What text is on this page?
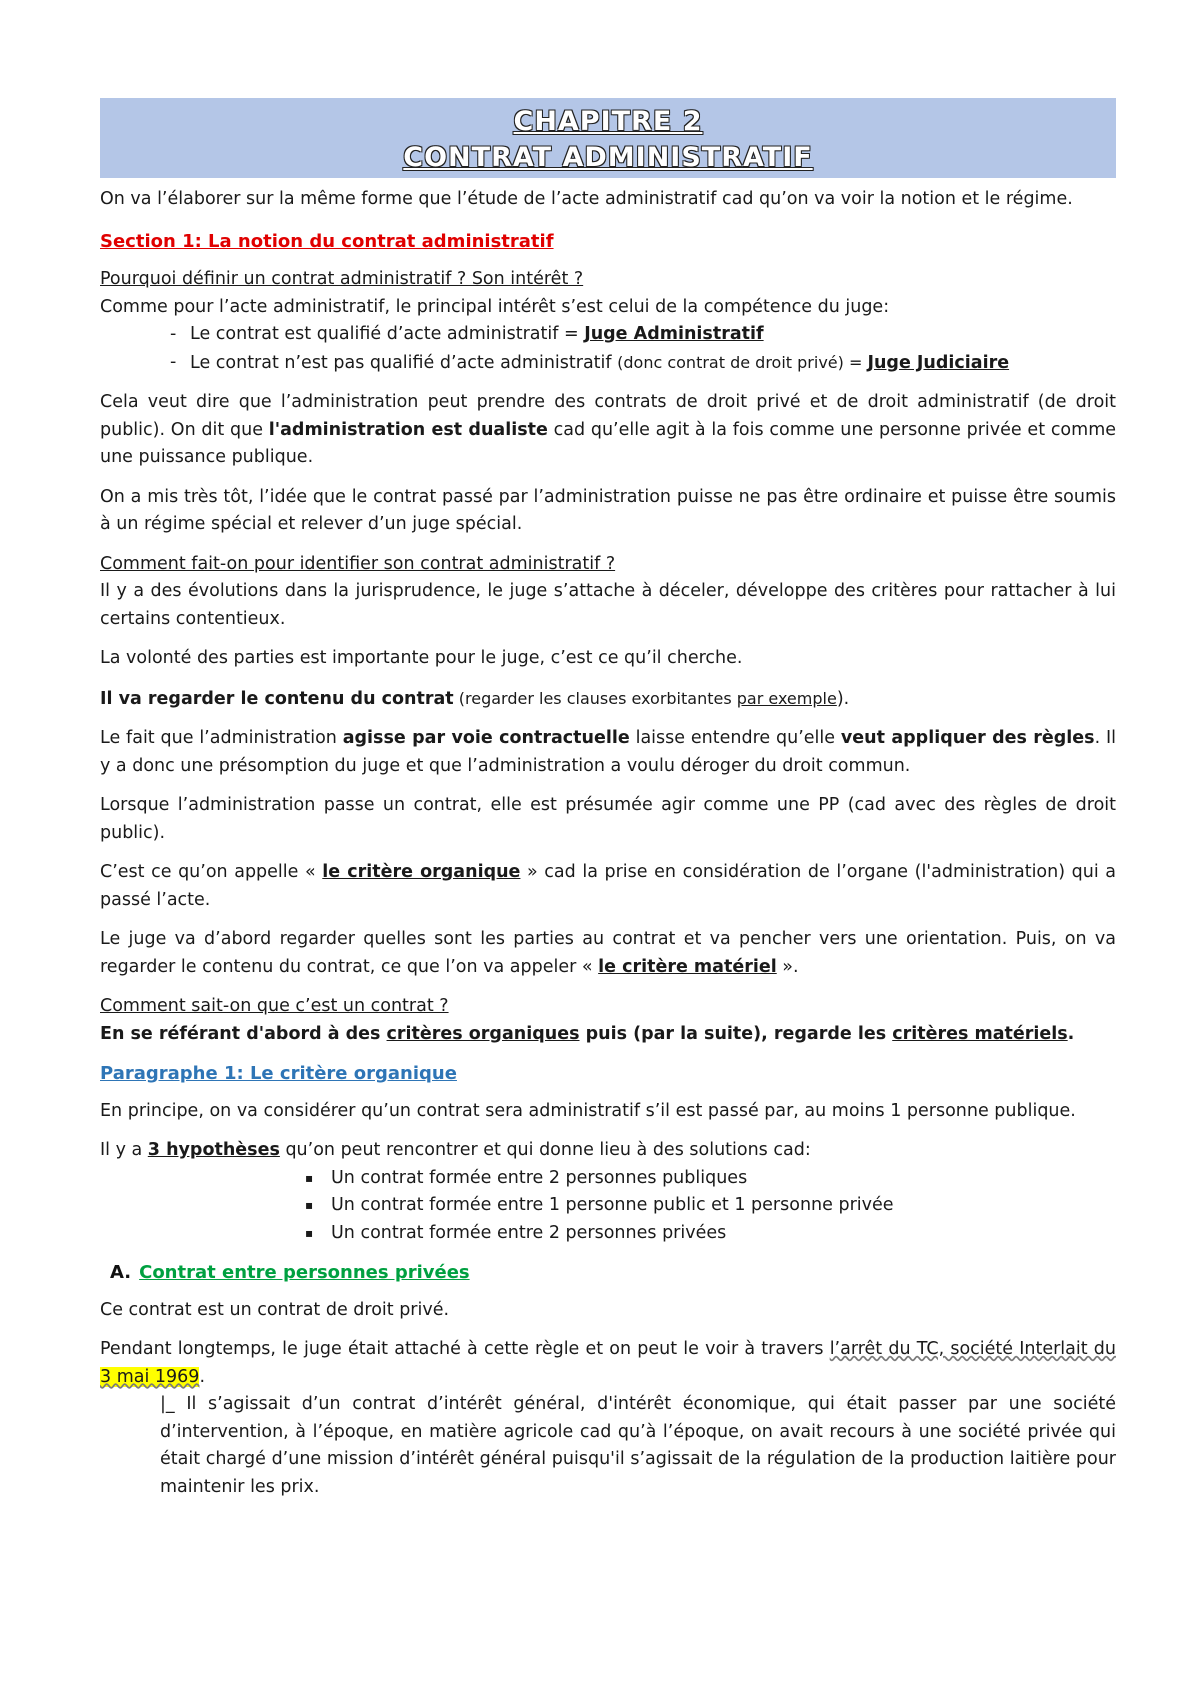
CHAPITRE 2
CONTRAT ADMINISTRATIF

On va l’élaborer sur la même forme que l’étude de l’acte administratif cad qu’on va voir la notion et le régime.

Section 1: La notion du contrat administratif

Pourquoi définir un contrat administratif ? Son intérêt ?

Comme pour l’acte administratif, le principal intérêt s’est celui de la compétence du juge:

- Le contrat est qualifié d’acte administratif = Juge Administratif
- Le contrat n’est pas qualifié d’acte administratif (donc contrat de droit privé) = Juge Judiciaire

Cela veut dire que l’administration peut prendre des contrats de droit privé et de droit administratif (de droit public). On dit que l'administration est dualiste cad qu’elle agit à la fois comme une personne privée et comme une puissance publique.

On a mis très tôt, l’idée que le contrat passé par l’administration puisse ne pas être ordinaire et puisse être soumis à un régime spécial et relever d’un juge spécial.

Comment fait-on pour identifier son contrat administratif ?

Il y a des évolutions dans la jurisprudence, le juge s’attache à déceler, développe des critères pour rattacher à lui certains contentieux.

La volonté des parties est importante pour le juge, c’est ce qu’il cherche.

Il va regarder le contenu du contrat (regarder les clauses exorbitantes par exemple).

Le fait que l’administration agisse par voie contractuelle laisse entendre qu’elle veut appliquer des règles. Il y a donc une présomption du juge et que l’administration a voulu déroger du droit commun.

Lorsque l’administration passe un contrat, elle est présumée agir comme une PP (cad avec des règles de droit public).

C’est ce qu’on appelle « le critère organique » cad la prise en considération de l’organe (l'administration) qui a passé l’acte.

Le juge va d’abord regarder quelles sont les parties au contrat et va pencher vers une orientation. Puis, on va regarder le contenu du contrat, ce que l’on va appeler « le critère matériel ».

Comment sait-on que c’est un contrat ?

En se référant d'abord à des critères organiques puis (par la suite), regarde les critères matériels.

Paragraphe 1: Le critère organique

En principe, on va considérer qu’un contrat sera administratif s’il est passé par, au moins 1 personne publique.

Il y a 3 hypothèses qu’on peut rencontrer et qui donne lieu à des solutions cad:

▪ Un contrat formée entre 2 personnes publiques
▪ Un contrat formée entre 1 personne public et 1 personne privée
▪ Un contrat formée entre 2 personnes privées
A. Contrat entre personnes privées

Ce contrat est un contrat de droit privé.

Pendant longtemps, le juge était attaché à cette règle et on peut le voir à travers l’arrêt du TC, société Interlait du 3 mai 1969.

|_ Il s’agissait d’un contrat d’intérêt général, d'intérêt économique, qui était passer par une société d’intervention, à l’époque, en matière agricole cad qu’à l’époque, on avait recours à une société privée qui était chargé d’une mission d’intérêt général puisqu'il s’agissait de la régulation de la production laitière pour maintenir les prix.
